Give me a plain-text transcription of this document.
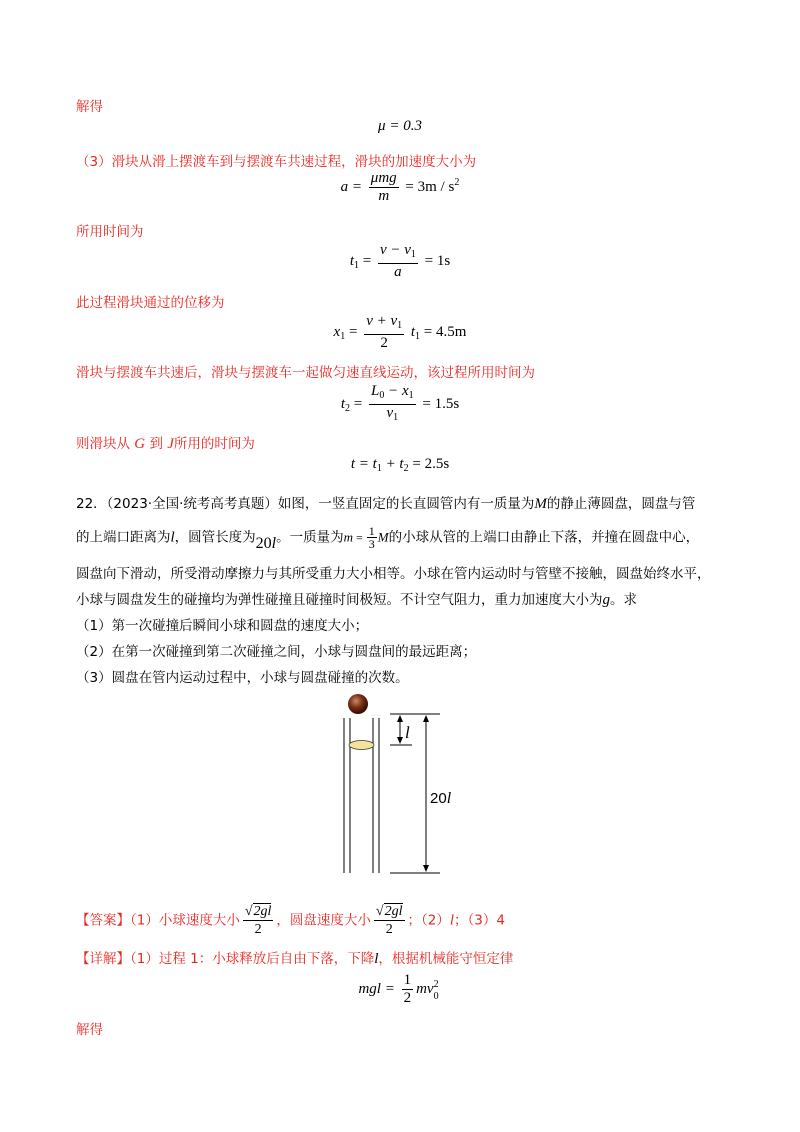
解得
μ = 0.3
（3）滑块从滑上摆渡车到与摆渡车共速过程，滑块的加速度大小为
$a = \frac{\text{μmg}}{m} = 3m / s^2$
所用时间为
$t_1 = \frac{v - v_1}{a} = 1s$
此过程滑块通过的位移为
$x_1 = \frac{v + v_1}{2} t_1 = 4.5m$
滑块与摆渡车共速后，滑块与摆渡车一起做匀速直线运动，该过程所用时间为
$t_2 = \frac{L_0 - x_1}{v_1} = 1.5s$
则滑块从 G 到 J所用的时间为
$t = t_1 + t_2 = 2.5s$
22．（2023·全国·统考高考真题）如图，一竖直固定的长直圆管内有一质量为M的静止薄圆盘，圆盘与管
的上端口距离为l，圆管长度为20l。一质量为$m = \frac{1}{3}$ M的小球从管的上端口由静止下落，并撞在圆盘中心，
圆盘向下滑动，所受滑动摩擦力与其所受重力大小相等。小球在管内运动时与管壁不接触，圆盘始终水平，
小球与圆盘发生的碰撞均为弹性碰撞且碰撞时间极短。不计空气阻力，重力加速度大小为g。求
（1）第一次碰撞后瞬间小球和圆盘的速度大小；
（2）在第一次碰撞到第二次碰撞之间，小球与圆盘间的最远距离；
（3）圆盘在管内运动过程中，小球与圆盘碰撞的次数。
l
20l
【答案】（1）小球速度大小 $\frac{√2gl}{2}$ ，圆盘速度大小 $\frac{√2gl}{2}$ ；（2）l；（3）4
【详解】（1）过程 1：小球释放后自由下落，下降l，根据机械能守恒定律
mgl = $\frac{1}{2}$ mv 2
0
解得
